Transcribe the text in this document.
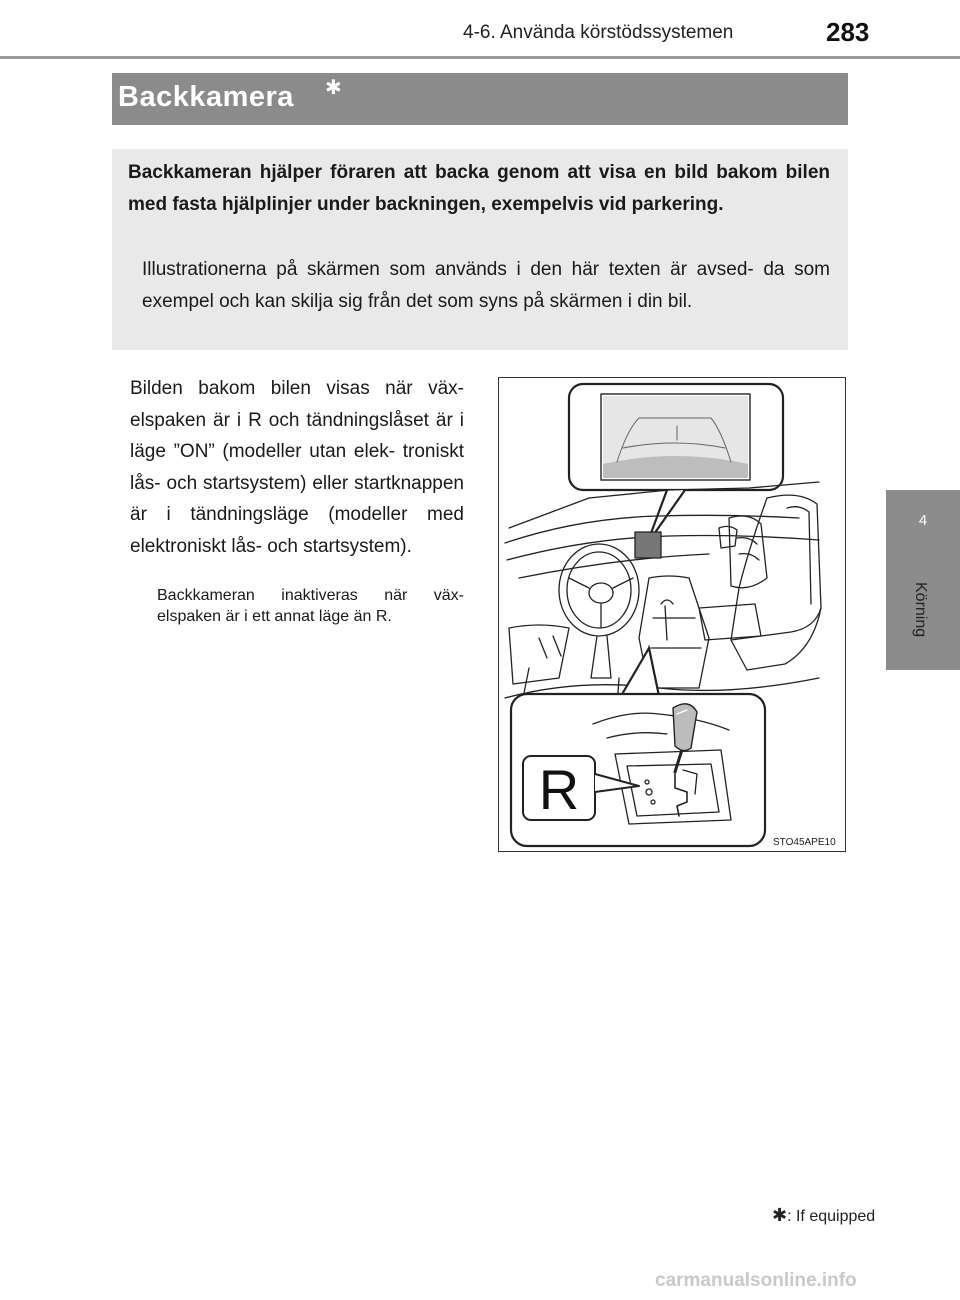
4-6. Använda körstödssystemen	283
4
Körning
Backkamera ✱
Backkameran hjälper föraren att backa genom att visa en bild bakom bilen med fasta hjälplinjer under backningen, exempelvis vid parkering.
Illustrationerna på skärmen som används i den här texten är avsed- da som exempel och kan skilja sig från det som syns på skärmen i din bil.
Bilden bakom bilen visas när väx- elspaken är i R och tändningslåset är i läge ”ON” (modeller utan elek- troniskt lås- och startsystem) eller startknappen är i tändningsläge (modeller med elektroniskt lås- och startsystem).
Backkameran inaktiveras när väx- elspaken är i ett annat läge än R.
R
STO45APE10
✱: If equipped
carmanualsonline.info
